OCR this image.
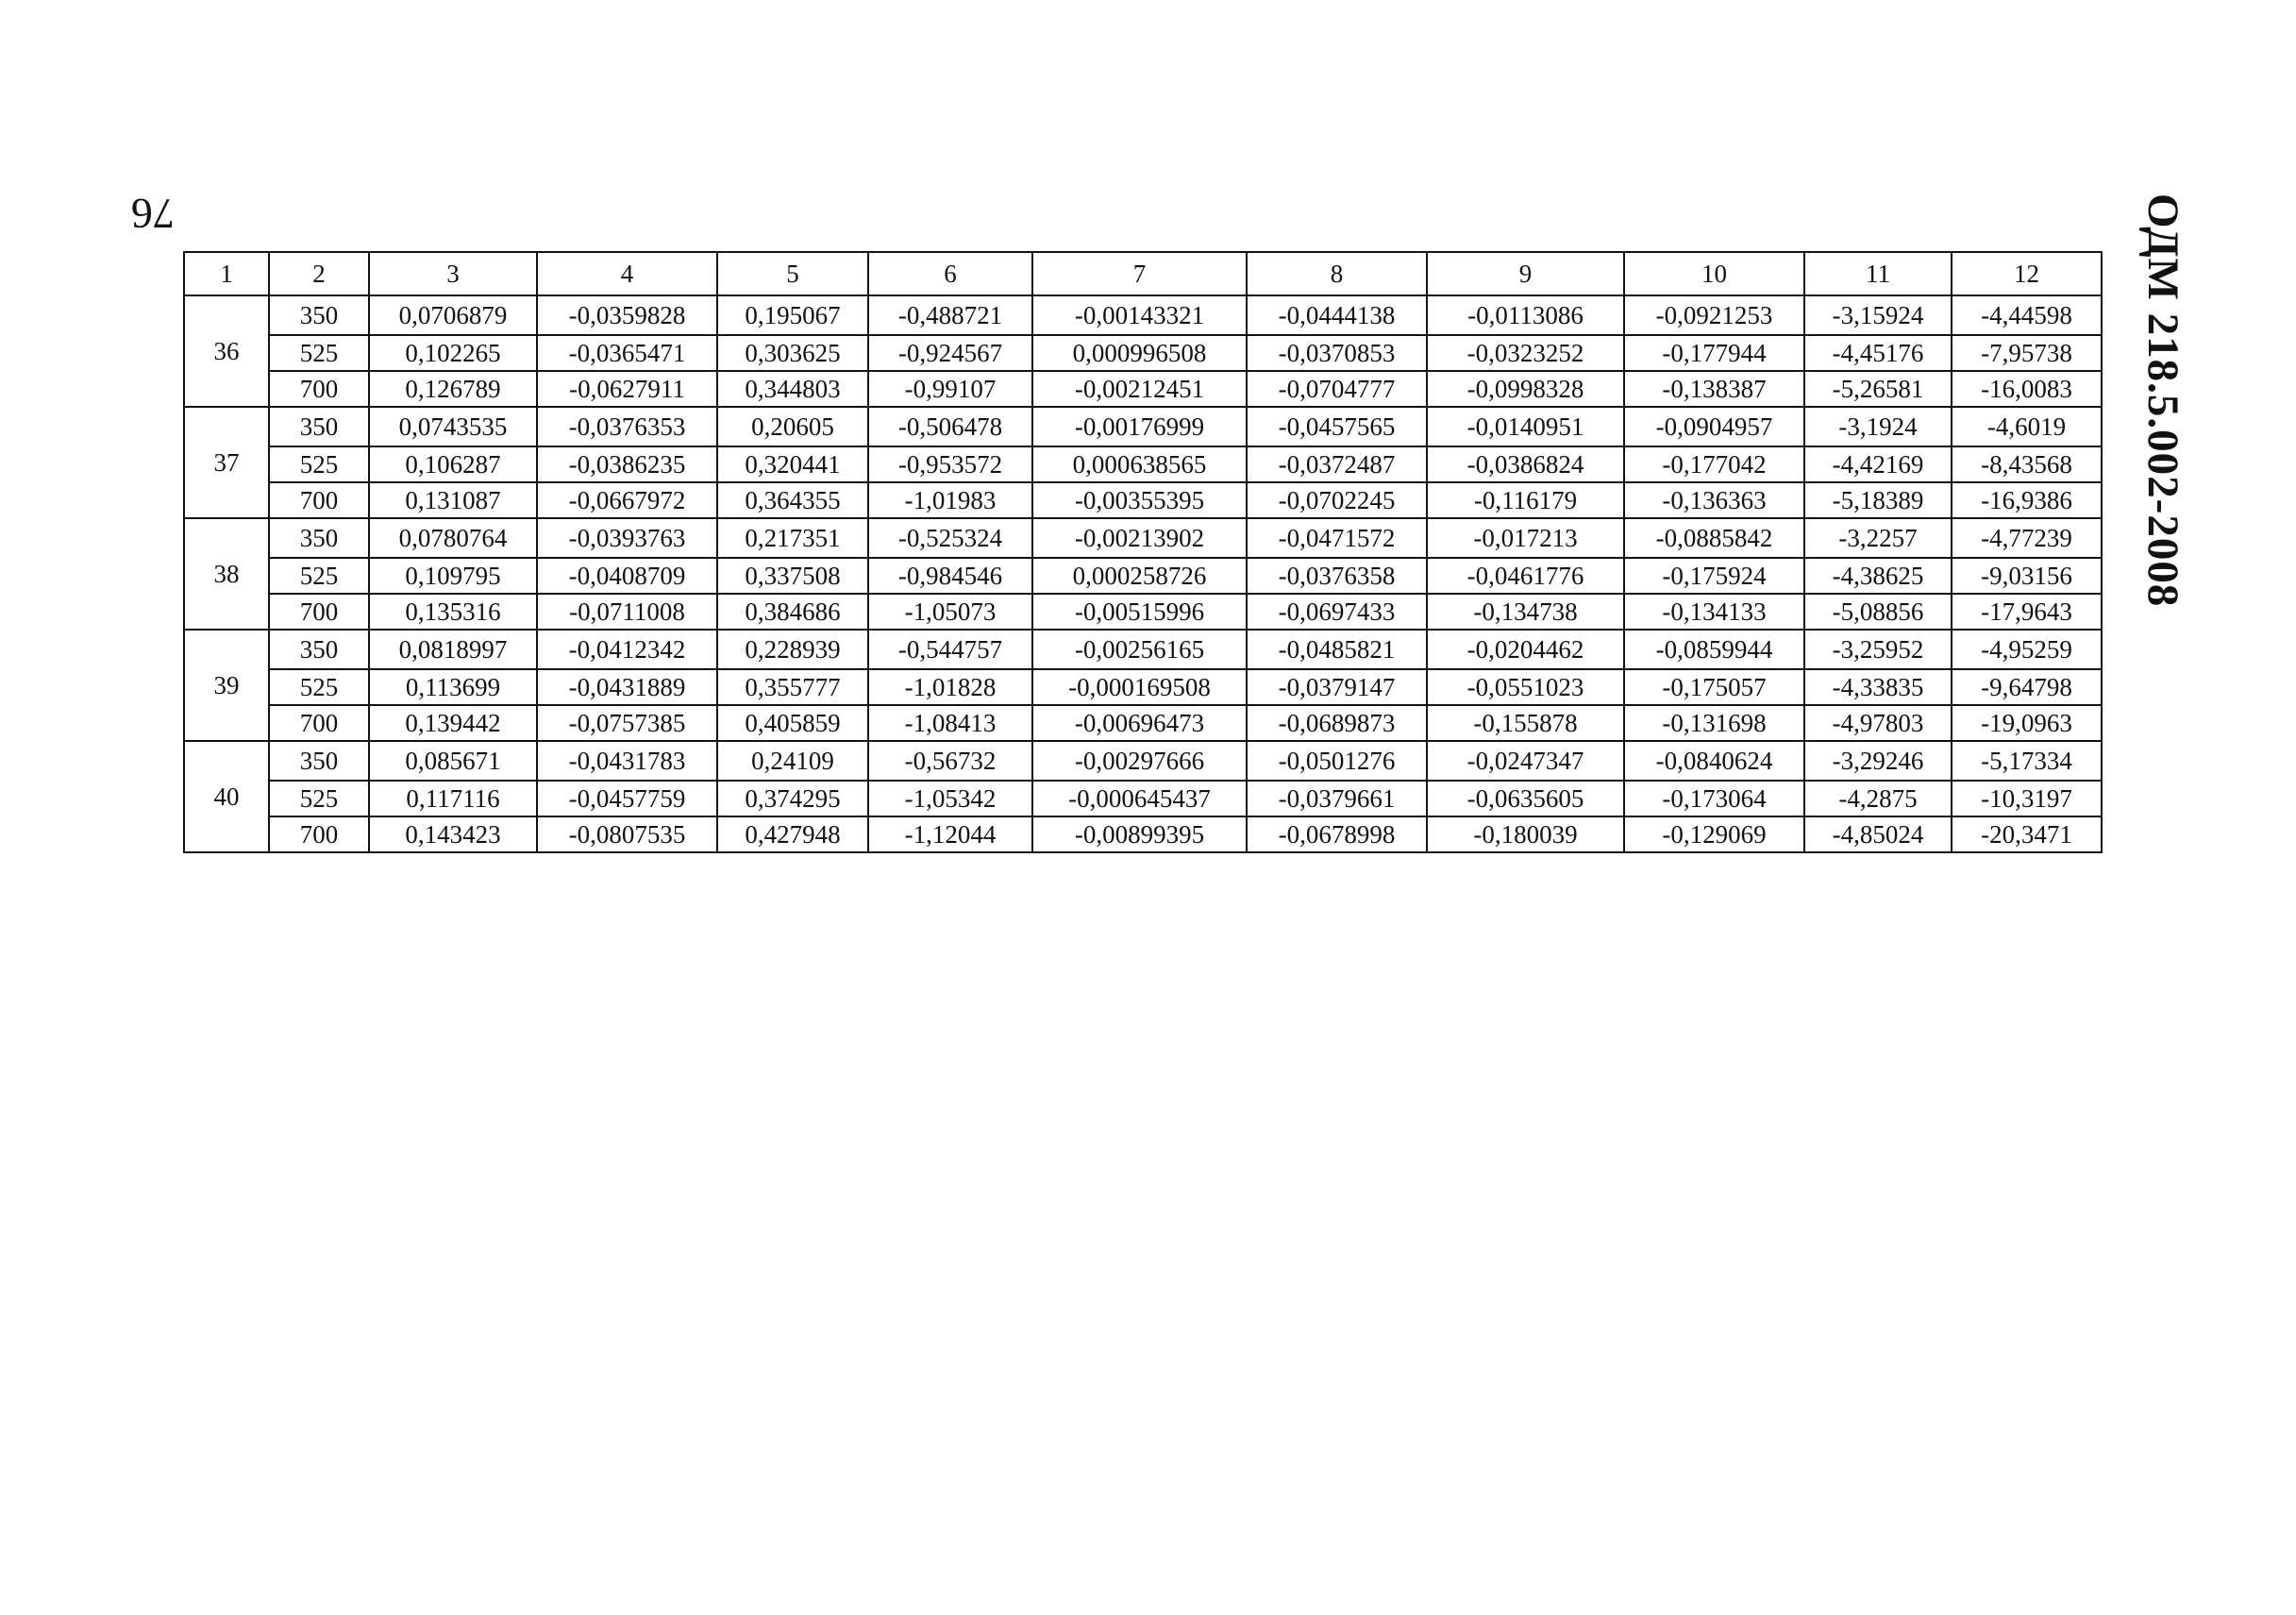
76	ОДМ 218.5.002-2008
1	2	3	4	5	6	7	8	9	10	11	12
36	350	0,0706879	-0,0359828	0,195067	-0,488721	-0,00143321	-0,0444138	-0,0113086	-0,0921253	-3,15924	-4,44598
	525	0,102265	-0,0365471	0,303625	-0,924567	0,000996508	-0,0370853	-0,0323252	-0,177944	-4,45176	-7,95738
	700	0,126789	-0,0627911	0,344803	-0,99107	-0,00212451	-0,0704777	-0,0998328	-0,138387	-5,26581	-16,0083
37	350	0,0743535	-0,0376353	0,20605	-0,506478	-0,00176999	-0,0457565	-0,0140951	-0,0904957	-3,1924	-4,6019
	525	0,106287	-0,0386235	0,320441	-0,953572	0,000638565	-0,0372487	-0,0386824	-0,177042	-4,42169	-8,43568
	700	0,131087	-0,0667972	0,364355	-1,01983	-0,00355395	-0,0702245	-0,116179	-0,136363	-5,18389	-16,9386
38	350	0,0780764	-0,0393763	0,217351	-0,525324	-0,00213902	-0,0471572	-0,017213	-0,0885842	-3,2257	-4,77239
	525	0,109795	-0,0408709	0,337508	-0,984546	0,000258726	-0,0376358	-0,0461776	-0,175924	-4,38625	-9,03156
	700	0,135316	-0,0711008	0,384686	-1,05073	-0,00515996	-0,0697433	-0,134738	-0,134133	-5,08856	-17,9643
39	350	0,0818997	-0,0412342	0,228939	-0,544757	-0,00256165	-0,0485821	-0,0204462	-0,0859944	-3,25952	-4,95259
	525	0,113699	-0,0431889	0,355777	-1,01828	-0,000169508	-0,0379147	-0,0551023	-0,175057	-4,33835	-9,64798
	700	0,139442	-0,0757385	0,405859	-1,08413	-0,00696473	-0,0689873	-0,155878	-0,131698	-4,97803	-19,0963
40	350	0,085671	-0,0431783	0,24109	-0,56732	-0,00297666	-0,0501276	-0,0247347	-0,0840624	-3,29246	-5,17334
	525	0,117116	-0,0457759	0,374295	-1,05342	-0,000645437	-0,0379661	-0,0635605	-0,173064	-4,2875	-10,3197
	700	0,143423	-0,0807535	0,427948	-1,12044	-0,00899395	-0,0678998	-0,180039	-0,129069	-4,85024	-20,3471
